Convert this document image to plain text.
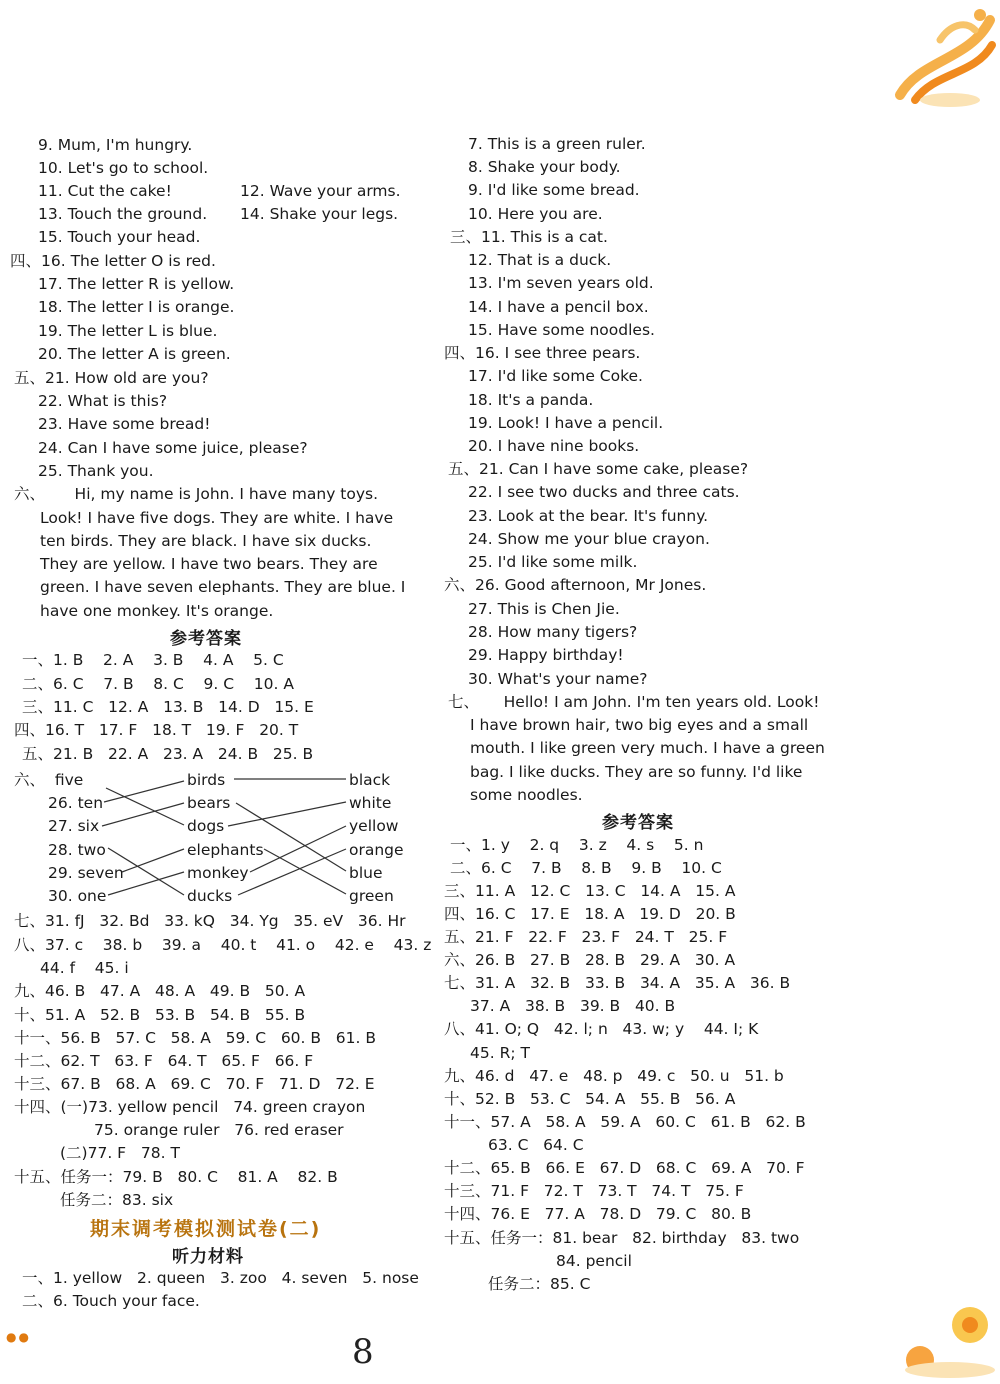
9. Mum, I'm hungry.
10. Let's go to school.
11. Cut the cake!	12. Wave your arms.
13. Touch the ground. 14. Shake your legs.
15. Touch your head.
四、16. The letter O is red.
17. The letter R is yellow.
18. The letter I is orange.
19. The letter L is blue.
20. The letter A is green.
五、21. How old are you?
22. What is this?
23. Have some bread!
24. Can I have some juice, please?
25. Thank you.
六、      Hi, my name is John. I have many toys.
Look! I have five dogs. They are white. I have
ten birds. They are black. I have six ducks.
They are yellow. I have two bears. They are
green. I have seven elephants. They are blue. I
have one monkey. It's orange.
一、1. B    2. A    3. B    4. A    5. C
二、6. C    7. B    8. C    9. C    10. A
三、11. C   12. A   13. B   14. D   15. E
四、16. T   17. F   18. T   19. F   20. T
五、21. B   22. A   23. A   24. B   25. B
七、31. fJ   32. Bd   33. kQ   34. Yg   35. eV   36. Hr
八、37. c    38. b    39. a    40. t    41. o    42. e    43. z
44. f    45. i
九、46. B   47. A   48. A   49. B   50. A
十、51. A   52. B   53. B   54. B   55. B
十一、56. B   57. C   58. A   59. C   60. B   61. B
十二、62. T   63. F   64. T   65. F   66. F
十三、67. B   68. A   69. C   70. F   71. D   72. E
十四、(一)73. yellow pencil   74. green crayon
75. orange ruler   76. red eraser
(二)77. F   78. T
十五、任务一：79. B   80. C    81. A    82. B
任务二：83. six
一、1. yellow   2. queen   3. zoo   4. seven   5. nose
二、6. Touch your face.
六、  five
26. ten
27. six
28. two
29. seven
30. one
birds
bears
dogs
elephants
monkey
ducks
black
white
yellow
orange
blue
green
7. This is a green ruler.
8. Shake your body.
9. I'd like some bread.
10. Here you are.
三、11. This is a cat.
12. That is a duck.
13. I'm seven years old.
14. I have a pencil box.
15. Have some noodles.
四、16. I see three pears.
17. I'd like some Coke.
18. It's a panda.
19. Look! I have a pencil.
20. I have nine books.
五、21. Can I have some cake, please?
22. I see two ducks and three cats.
23. Look at the bear. It's funny.
24. Show me your blue crayon.
25. I'd like some milk.
六、26. Good afternoon, Mr Jones.
27. This is Chen Jie.
28. How many tigers?
29. Happy birthday!
30. What's your name?
七、     Hello! I am John. I'm ten years old. Look!
I have brown hair, two big eyes and a small
mouth. I like green very much. I have a green
bag. I like ducks. They are so funny. I'd like
some noodles.
一、1. y    2. q    3. z    4. s    5. n
二、6. C    7. B    8. B    9. B    10. C
三、11. A   12. C   13. C   14. A   15. A
四、16. C   17. E   18. A   19. D   20. B
五、21. F   22. F   23. F   24. T   25. F
六、26. B   27. B   28. B   29. A   30. A
七、31. A   32. B   33. B   34. A   35. A   36. B
37. A   38. B   39. B   40. B
八、41. O; Q   42. l; n   43. w; y    44. I; K
45. R; T
九、46. d   47. e   48. p   49. c   50. u   51. b
十、52. B   53. C   54. A   55. B   56. A
十一、57. A   58. A   59. A   60. C   61. B   62. B
63. C   64. C
十二、65. B   66. E   67. D   68. C   69. A   70. F
十三、71. F   72. T   73. T   74. T   75. F
十四、76. E   77. A   78. D   79. C   80. B
十五、任务一：81. bear   82. birthday   83. two
84. pencil
任务二：85. C
参考答案
期末调考模拟测试卷(二)
听力材料
参考答案
●●	8
